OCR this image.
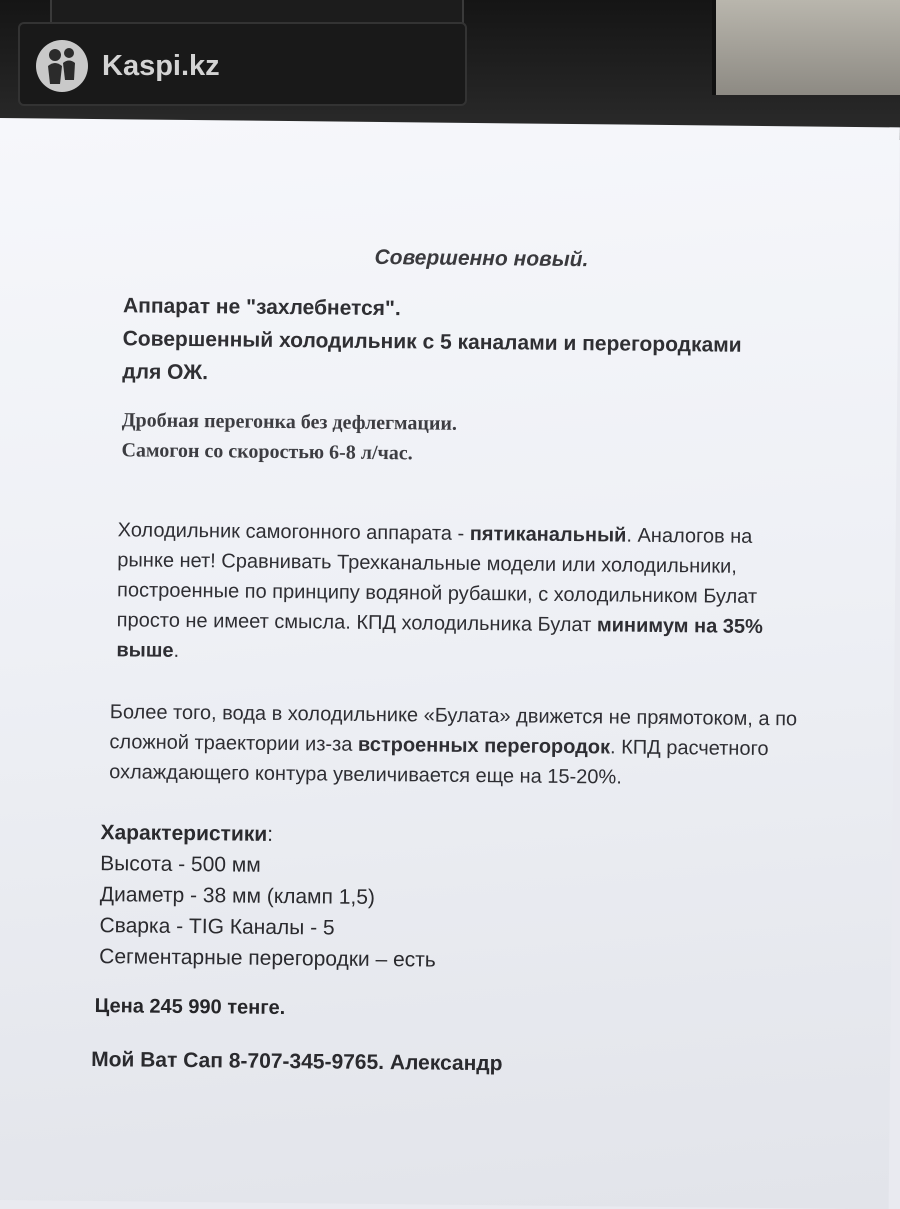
Kaspi.kz
Совершенно новый.
Аппарат не "захлебнется".
Совершенный холодильник с 5 каналами и перегородками
для ОЖ.
Дробная перегонка без дефлегмации.
Самогон со скоростью 6-8 л/час.
Холодильник самогонного аппарата - пятиканальный. Аналогов на
рынке нет! Сравнивать Трехканальные модели или холодильники,
построенные по принципу водяной рубашки, с холодильником Булат
просто не имеет смысла. КПД холодильника Булат минимум на 35%
выше.
Более того, вода в холодильнике «Булата» движется не прямотоком, а по
сложной траектории из-за встроенных перегородок. КПД расчетного
охлаждающего контура увеличивается еще на 15-20%.
Характеристики:
Высота - 500 мм
Диаметр - 38 мм (кламп 1,5)
Сварка - TIG Каналы - 5
Сегментарные перегородки – есть
Цена 245 990 тенге.
Мой Ват Сап 8-707-345-9765. Александр
